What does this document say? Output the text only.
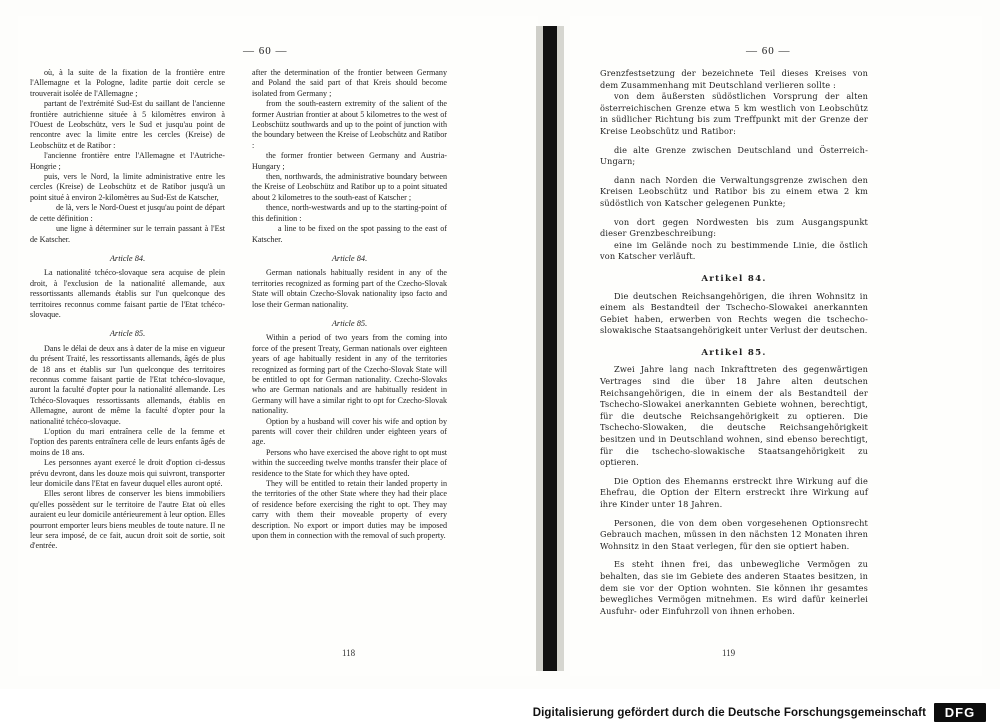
— 60 —	— 60 —

où, à la suite de la fixation de la frontière entre l'Allemagne et la Pologne, ladite partie doit cercle se trouverait isolée de l'Allemagne ;

partant de l'extrémité Sud-Est du saillant de l'ancienne frontière autrichienne située à 5 kilomètres environ à l'Ouest de Leobschütz, vers le Sud et jusqu'au point de rencontre avec la limite entre les cercles (Kreise) de Leobschütz et de Ratibor :

l'ancienne frontière entre l'Allemagne et l'Autriche-Hongrie ;

puis, vers le Nord, la limite administrative entre les cercles (Kreise) de Leobschütz et de Ratibor jusqu'à un point situé à environ 2-kilomètres au Sud-Est de Katscher,

de là, vers le Nord-Ouest et jusqu'au point de départ de cette définition :

une ligne à déterminer sur le terrain passant à l'Est de Katscher.

Article 84.

La nationalité tchéco-slovaque sera acquise de plein droit, à l'exclusion de la nationalité allemande, aux ressortissants allemands établis sur l'un quelconque des territoires reconnus comme faisant partie de l'Etat tchéco-slovaque.

Article 85.

Dans le délai de deux ans à dater de la mise en vigueur du présent Traité, les ressortissants allemands, âgés de plus de 18 ans et établis sur l'un quelconque des territoires reconnus comme faisant partie de l'Etat tchéco-slovaque, auront la faculté d'opter pour la nationalité allemande. Les Tchéco-Slovaques ressortissants allemands, établis en Allemagne, auront de même la faculté d'opter pour la nationalité tchéco-slovaque.

L'option du mari entraînera celle de la femme et l'option des parents entraînera celle de leurs enfants âgés de moins de 18 ans.

Les personnes ayant exercé le droit d'option ci-dessus prévu devront, dans les douze mois qui suivront, transporter leur domicile dans l'Etat en faveur duquel elles auront opté.

Elles seront libres de conserver les biens immobiliers qu'elles possèdent sur le territoire de l'autre Etat où elles auraient eu leur domicile antérieurement à leur option. Elles pourront emporter leurs biens meubles de toute nature. Il ne leur sera imposé, de ce fait, aucun droit soit de sortie, soit d'entrée.

after the determination of the frontier between Germany and Poland the said part of that Kreis should become isolated from Germany ;

from the south-eastern extremity of the salient of the former Austrian frontier at about 5 kilometres to the west of Leobschütz southwards and up to the point of junction with the boundary between the Kreise of Leobschütz and Ratibor :

the former frontier between Germany and Austria-Hungary ;

then, northwards, the administrative boundary between the Kreise of Leobschütz and Ratibor up to a point situated about 2 kilometres to the south-east of Katscher ;

thence, north-westwards and up to the starting-point of this definition :

a line to be fixed on the spot passing to the east of Katscher.

Article 84.

German nationals habitually resident in any of the territories recognized as forming part of the Czecho-Slovak State will obtain Czecho-Slovak nationality ipso facto and lose their German nationality.

Article 85.

Within a period of two years from the coming into force of the present Treaty, German nationals over eighteen years of age habitually resident in any of the territories recognized as forming part of the Czecho-Slovak State will be entitled to opt for German nationality. Czecho-Slovaks who are German nationals and are habitually resident in Germany will have a similar right to opt for Czecho-Slovak nationality.

Option by a husband will cover his wife and option by parents will cover their children under eighteen years of age.

Persons who have exercised the above right to opt must within the succeeding twelve months transfer their place of residence to the State for which they have opted.

They will be entitled to retain their landed property in the territories of the other State where they had their place of residence before exercising the right to opt. They may carry with them their moveable property of every description. No export or import duties may be imposed upon them in connection with the removal of such property.

Grenzfestsetzung der bezeichnete Teil dieses Kreises von dem Zusammenhang mit Deutschland verlieren sollte :

von dem äußersten südöstlichen Vorsprung der alten österreichischen Grenze etwa 5 km westlich von Leobschütz in südlicher Richtung bis zum Treffpunkt mit der Grenze der Kreise Leobschütz und Ratibor:

die alte Grenze zwischen Deutschland und Österreich-Ungarn;

dann nach Norden die Verwaltungsgrenze zwischen den Kreisen Leobschütz und Ratibor bis zu einem etwa 2 km südöstlich von Katscher gelegenen Punkte;

von dort gegen Nordwesten bis zum Ausgangspunkt dieser Grenzbeschreibung:

eine im Gelände noch zu bestimmende Linie, die östlich von Katscher verläuft.

Artikel 84.

Die deutschen Reichsangehörigen, die ihren Wohnsitz in einem als Bestandteil der Tschecho-Slowakei anerkannten Gebiet haben, erwerben von Rechts wegen die tschecho-slowakische Staatsangehörigkeit unter Verlust der deutschen.

Artikel 85.

Zwei Jahre lang nach Inkrafttreten des gegenwärtigen Vertrages sind die über 18 Jahre alten deutschen Reichsangehörigen, die in einem der als Bestandteil der Tschecho-Slowakei anerkannten Gebiete wohnen, berechtigt, für die deutsche Reichsangehörigkeit zu optieren. Die Tschecho-Slowaken, die deutsche Reichsangehörigkeit besitzen und in Deutschland wohnen, sind ebenso berechtigt, für die tschecho-slowakische Staatsangehörigkeit zu optieren.

Die Option des Ehemanns erstreckt ihre Wirkung auf die Ehefrau, die Option der Eltern erstreckt ihre Wirkung auf ihre Kinder unter 18 Jahren.

Personen, die von dem oben vorgesehenen Optionsrecht Gebrauch machen, müssen in den nächsten 12 Monaten ihren Wohnsitz in den Staat verlegen, für den sie optiert haben.

Es steht ihnen frei, das unbewegliche Vermögen zu behalten, das sie im Gebiete des anderen Staates besitzen, in dem sie vor der Option wohnten. Sie können ihr gesamtes bewegliches Vermögen mitnehmen. Es wird dafür keinerlei Ausfuhr- oder Einfuhrzoll von ihnen erhoben.

118	119
Digitalisierung gefördert durch die Deutsche Forschungsgemeinschaft	DFG
